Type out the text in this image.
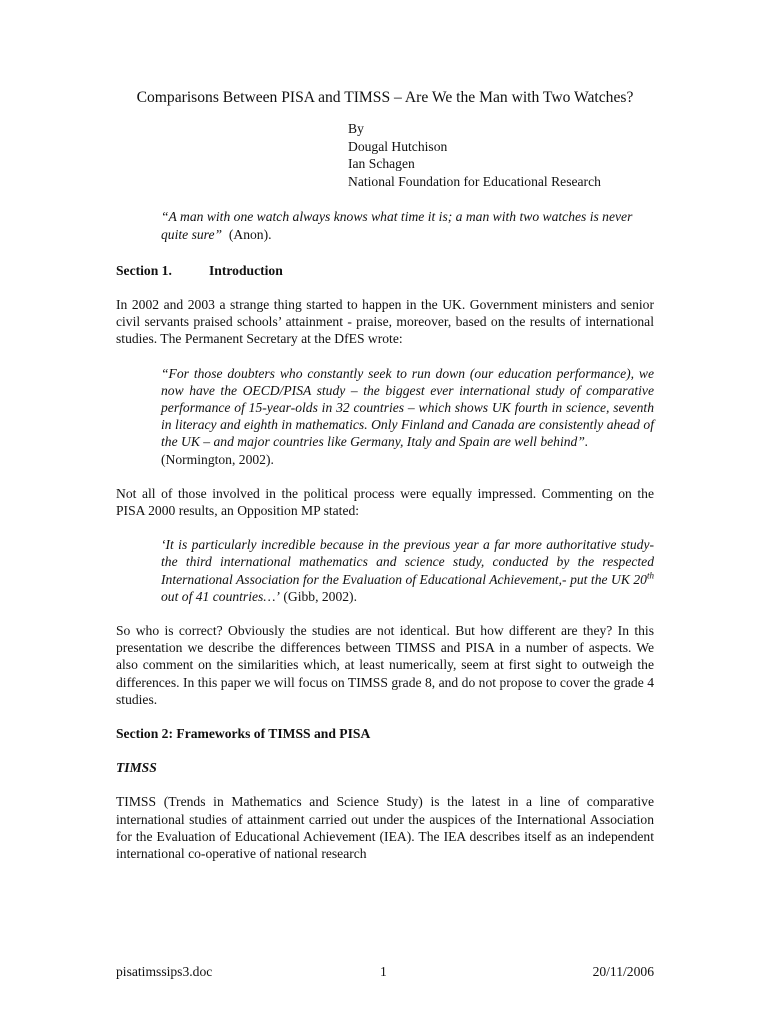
Comparisons Between PISA and TIMSS – Are We the Man with Two Watches?
By
Dougal Hutchison
Ian Schagen
National Foundation for Educational Research
“A man with one watch always knows what time it is; a man with two watches is never quite sure” (Anon).
Section 1.	Introduction

In 2002 and 2003 a strange thing started to happen in the UK. Government ministers and senior civil servants praised schools’ attainment - praise, moreover, based on the results of international studies. The Permanent Secretary at the DfES wrote:

“For those doubters who constantly seek to run down (our education performance), we now have the OECD/PISA study – the biggest ever international study of comparative performance of 15-year-olds in 32 countries – which shows UK fourth in science, seventh in literacy and eighth in mathematics. Only Finland and Canada are consistently ahead of the UK – and major countries like Germany, Italy and Spain are well behind”.
(Normington, 2002).

Not all of those involved in the political process were equally impressed. Commenting on the PISA 2000 results, an Opposition MP stated:

‘It is particularly incredible because in the previous year a far more authoritative study- the third international mathematics and science study, conducted by the respected International Association for the Evaluation of Educational Achievement,- put the UK 20th out of 41 countries…’ (Gibb, 2002).

So who is correct? Obviously the studies are not identical. But how different are they? In this presentation we describe the differences between TIMSS and PISA in a number of aspects. We also comment on the similarities which, at least numerically, seem at first sight to outweigh the differences. In this paper we will focus on TIMSS grade 8, and do not propose to cover the grade 4 studies.

Section 2: Frameworks of TIMSS and PISA
TIMSS

TIMSS (Trends in Mathematics and Science Study) is the latest in a line of comparative international studies of attainment carried out under the auspices of the International Association for the Evaluation of Educational Achievement (IEA). The IEA describes itself as an independent international co-operative of national research

pisatimssips3.doc	1	20/11/2006
